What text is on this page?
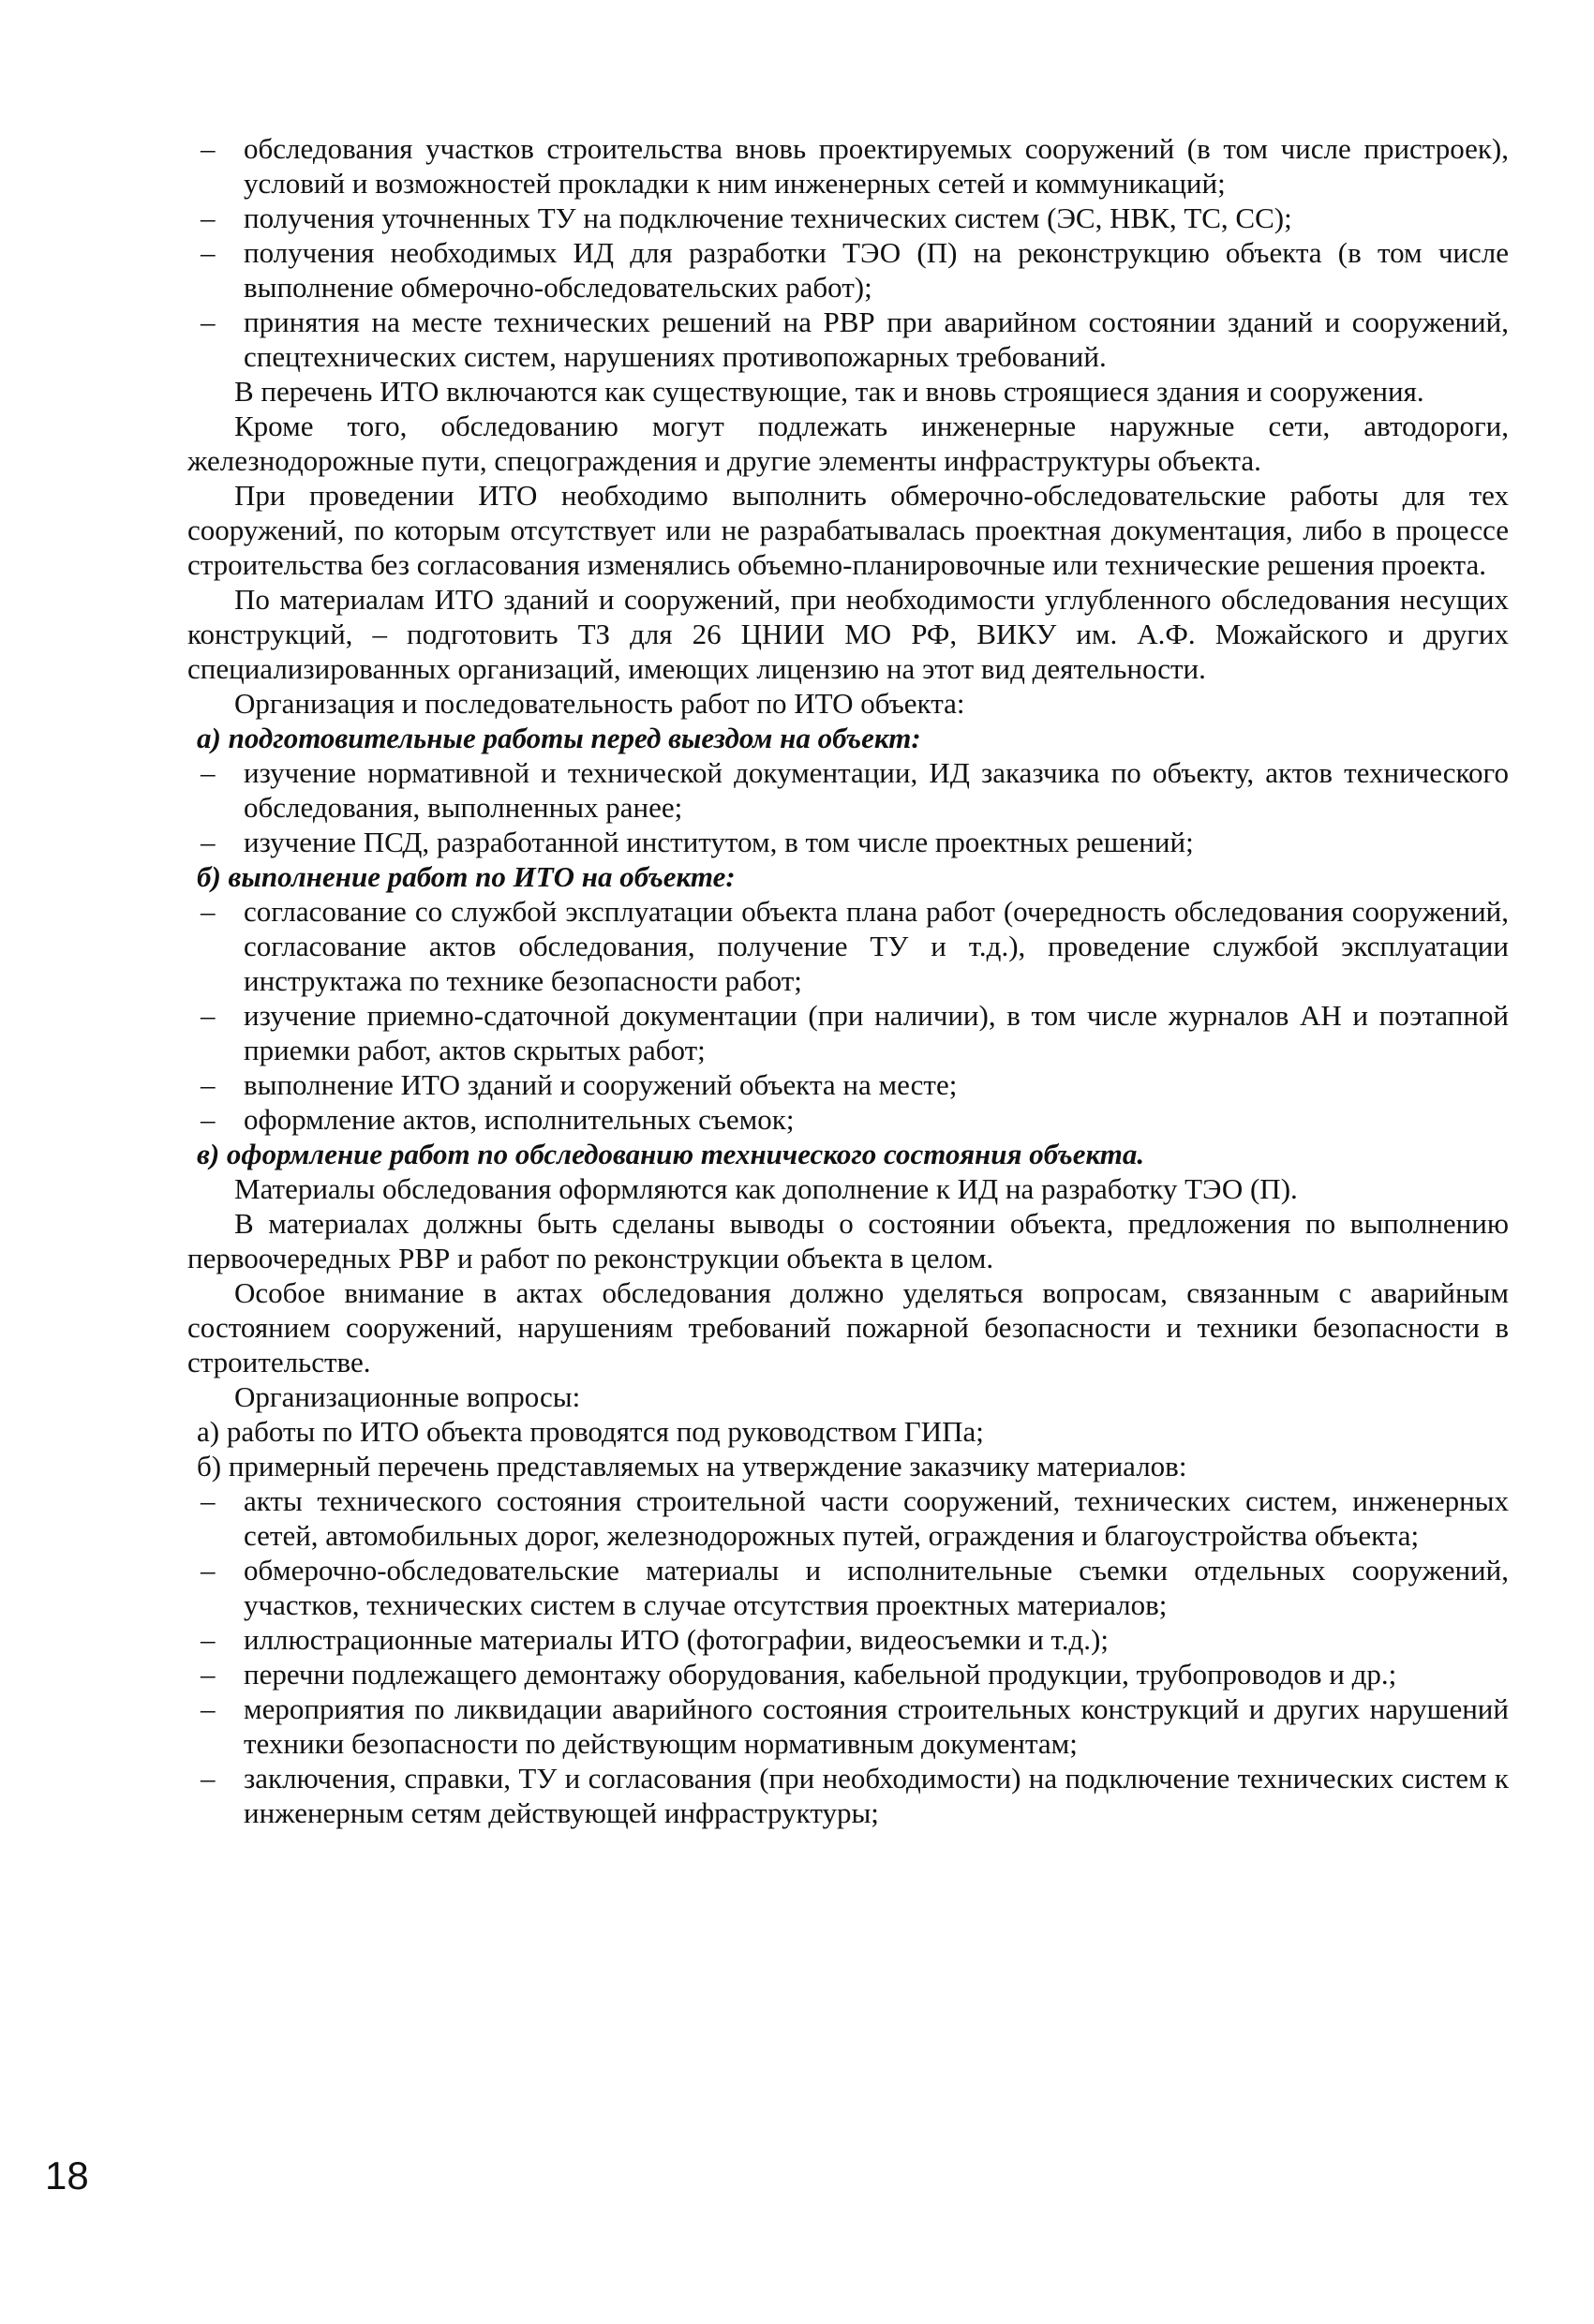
– обследования участков строительства вновь проектируемых сооружений (в том числе пристроек), условий и возможностей прокладки к ним инженерных сетей и коммуникаций;
– получения уточненных ТУ на подключение технических систем (ЭС, НВК, ТС, СС);
– получения необходимых ИД для разработки ТЭО (П) на реконструкцию объекта (в том числе выполнение обмерочно-обследовательских работ);
– принятия на месте технических решений на РВР при аварийном состоянии зданий и сооружений, спецтехнических систем, нарушениях противопожарных требований.

В перечень ИТО включаются как существующие, так и вновь строящиеся здания и сооружения.

Кроме того, обследованию могут подлежать инженерные наружные сети, автодороги, железнодорожные пути, спецограждения и другие элементы инфраструктуры объекта.

При проведении ИТО необходимо выполнить обмерочно-обследовательские работы для тех сооружений, по которым отсутствует или не разрабатывалась проектная документация, либо в процессе строительства без согласования изменялись объемно-планировочные или технические решения проекта.

По материалам ИТО зданий и сооружений, при необходимости углубленного обследования несущих конструкций, – подготовить ТЗ для 26 ЦНИИ МО РФ, ВИКУ им. А.Ф. Можайского и других специализированных организаций, имеющих лицензию на этот вид деятельности.

Организация и последовательность работ по ИТО объекта:

а) подготовительные работы перед выездом на объект:

– изучение нормативной и технической документации, ИД заказчика по объекту, актов технического обследования, выполненных ранее;
– изучение ПСД, разработанной институтом, в том числе проектных решений;

б) выполнение работ по ИТО на объекте:

– согласование со службой эксплуатации объекта плана работ (очередность обследования сооружений, согласование актов обследования, получение ТУ и т.д.), проведение службой эксплуатации инструктажа по технике безопасности работ;
– изучение приемно-сдаточной документации (при наличии), в том числе журналов АН и поэтапной приемки работ, актов скрытых работ;
– выполнение ИТО зданий и сооружений объекта на месте;
– оформление актов, исполнительных съемок;

в) оформление работ по обследованию технического состояния объекта.

Материалы обследования оформляются как дополнение к ИД на разработку ТЭО (П).

В материалах должны быть сделаны выводы о состоянии объекта, предложения по выполнению первоочередных РВР и работ по реконструкции объекта в целом.

Особое внимание в актах обследования должно уделяться вопросам, связанным с аварийным состоянием сооружений, нарушениям требований пожарной безопасности и техники безопасности в строительстве.

Организационные вопросы:

а) работы по ИТО объекта проводятся под руководством ГИПа;

б) примерный перечень представляемых на утверждение заказчику материалов:

– акты технического состояния строительной части сооружений, технических систем, инженерных сетей, автомобильных дорог, железнодорожных путей, ограждения и благоустройства объекта;
– обмерочно-обследовательские материалы и исполнительные съемки отдельных сооружений, участков, технических систем в случае отсутствия проектных материалов;
– иллюстрационные материалы ИТО (фотографии, видеосъемки и т.д.);
– перечни подлежащего демонтажу оборудования, кабельной продукции, трубопроводов и др.;
– мероприятия по ликвидации аварийного состояния строительных конструкций и других нарушений техники безопасности по действующим нормативным документам;
– заключения, справки, ТУ и согласования (при необходимости) на подключение технических систем к инженерным сетям действующей инфраструктуры;
18
